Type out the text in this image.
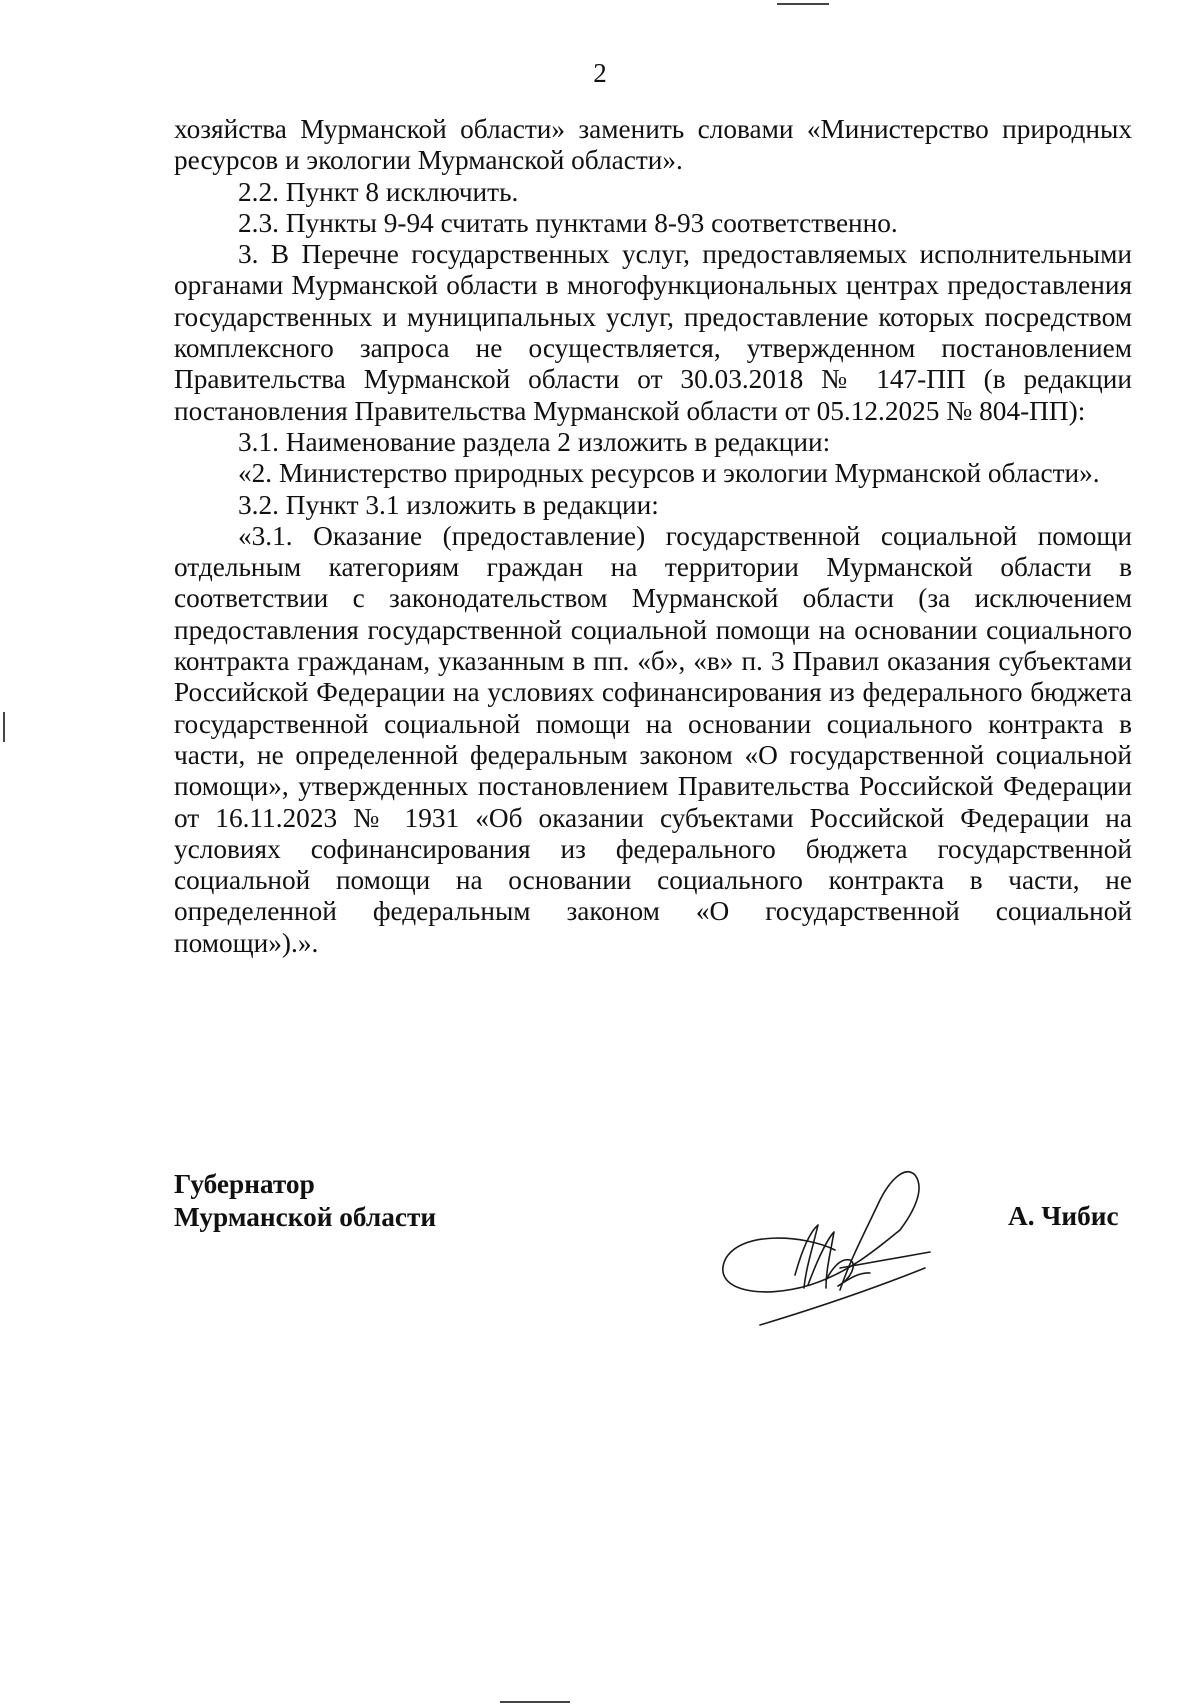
2

хозяйства Мурманской области» заменить словами «Министерство природных ресурсов и экологии Мурманской области».

2.2. Пункт 8 исключить.

2.3. Пункты 9-94 считать пунктами 8-93 соответственно.

3. В Перечне государственных услуг, предоставляемых исполнительными органами Мурманской области в многофункциональных центрах предоставления государственных и муниципальных услуг, предоставление которых посредством комплексного запроса не осуществляется, утвержденном постановлением Правительства Мурманской области от 30.03.2018 № 147-ПП (в редакции постановления Правительства Мурманской области от 05.12.2025 № 804-ПП):

3.1. Наименование раздела 2 изложить в редакции:

«2. Министерство природных ресурсов и экологии Мурманской области».

3.2. Пункт 3.1 изложить в редакции:

«3.1. Оказание (предоставление) государственной социальной помощи отдельным категориям граждан на территории Мурманской области в соответствии с законодательством Мурманской области (за исключением предоставления государственной социальной помощи на основании социального контракта гражданам, указанным в пп. «б», «в» п. 3 Правил оказания субъектами Российской Федерации на условиях софинансирования из федерального бюджета государственной социальной помощи на основании социального контракта в части, не определенной федеральным законом «О государственной социальной помощи», утвержденных постановлением Правительства Российской Федерации от 16.11.2023 № 1931 «Об оказании субъектами Российской Федерации на условиях софинансирования из федерального бюджета государственной социальной помощи на основании социального контракта в части, не определенной федеральным законом «О государственной социальной помощи»).».

Губернатор
Мурманской области	А. Чибис
